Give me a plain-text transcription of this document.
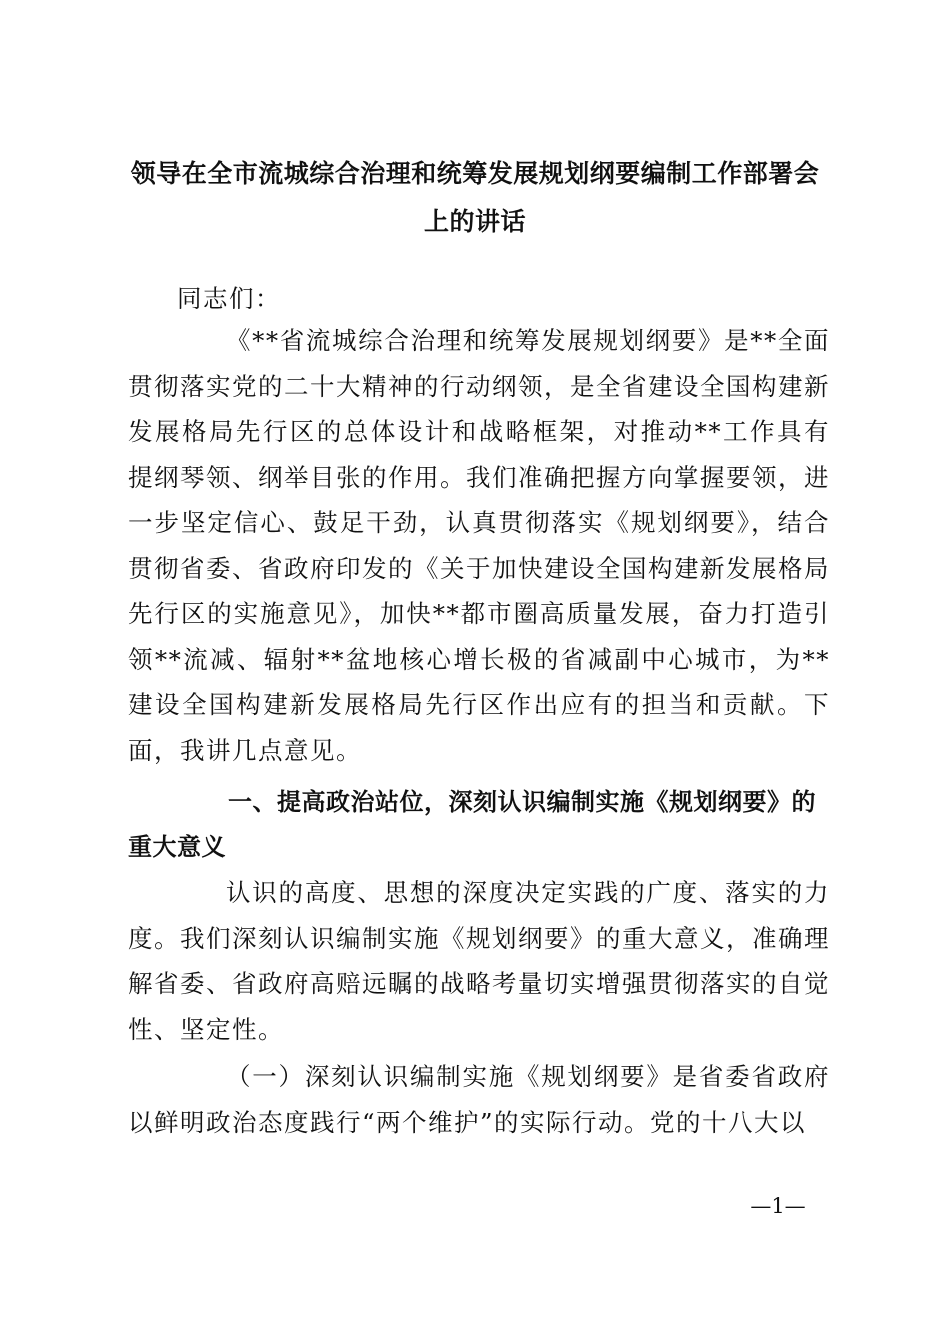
领导在全市流城综合治理和统筹发展规划纲要编制工作部署会上的讲话

同志们：

《**省流城综合治理和统筹发展规划纲要》是**全面贯彻落实党的二十大精神的行动纲领，是全省建设全国构建新发展格局先行区的总体设计和战略框架，对推动**工作具有提纲琴领、纲举目张的作用。我们准确把握方向掌握要领，进一步坚定信心、鼓足干劲，认真贯彻落实《规划纲要》，结合贯彻省委、省政府印发的《关于加快建设全国构建新发展格局先行区的实施意见》，加快**都市圈高质量发展，奋力打造引领**流减、辐射**盆地核心增长极的省减副中心城市，为**建设全国构建新发展格局先行区作出应有的担当和贡献。下面，我讲几点意见。

一、提高政治站位，深刻认识编制实施《规划纲要》的重大意义

认识的高度、思想的深度决定实践的广度、落实的力度。我们深刻认识编制实施《规划纲要》的重大意义，准确理解省委、省政府高赔远瞩的战略考量切实增强贯彻落实的自觉性、坚定性。

（一）深刻认识编制实施《规划纲要》是省委省政府以鲜明政治态度践行“两个维护”的实际行动。党的十八大以

—1—
